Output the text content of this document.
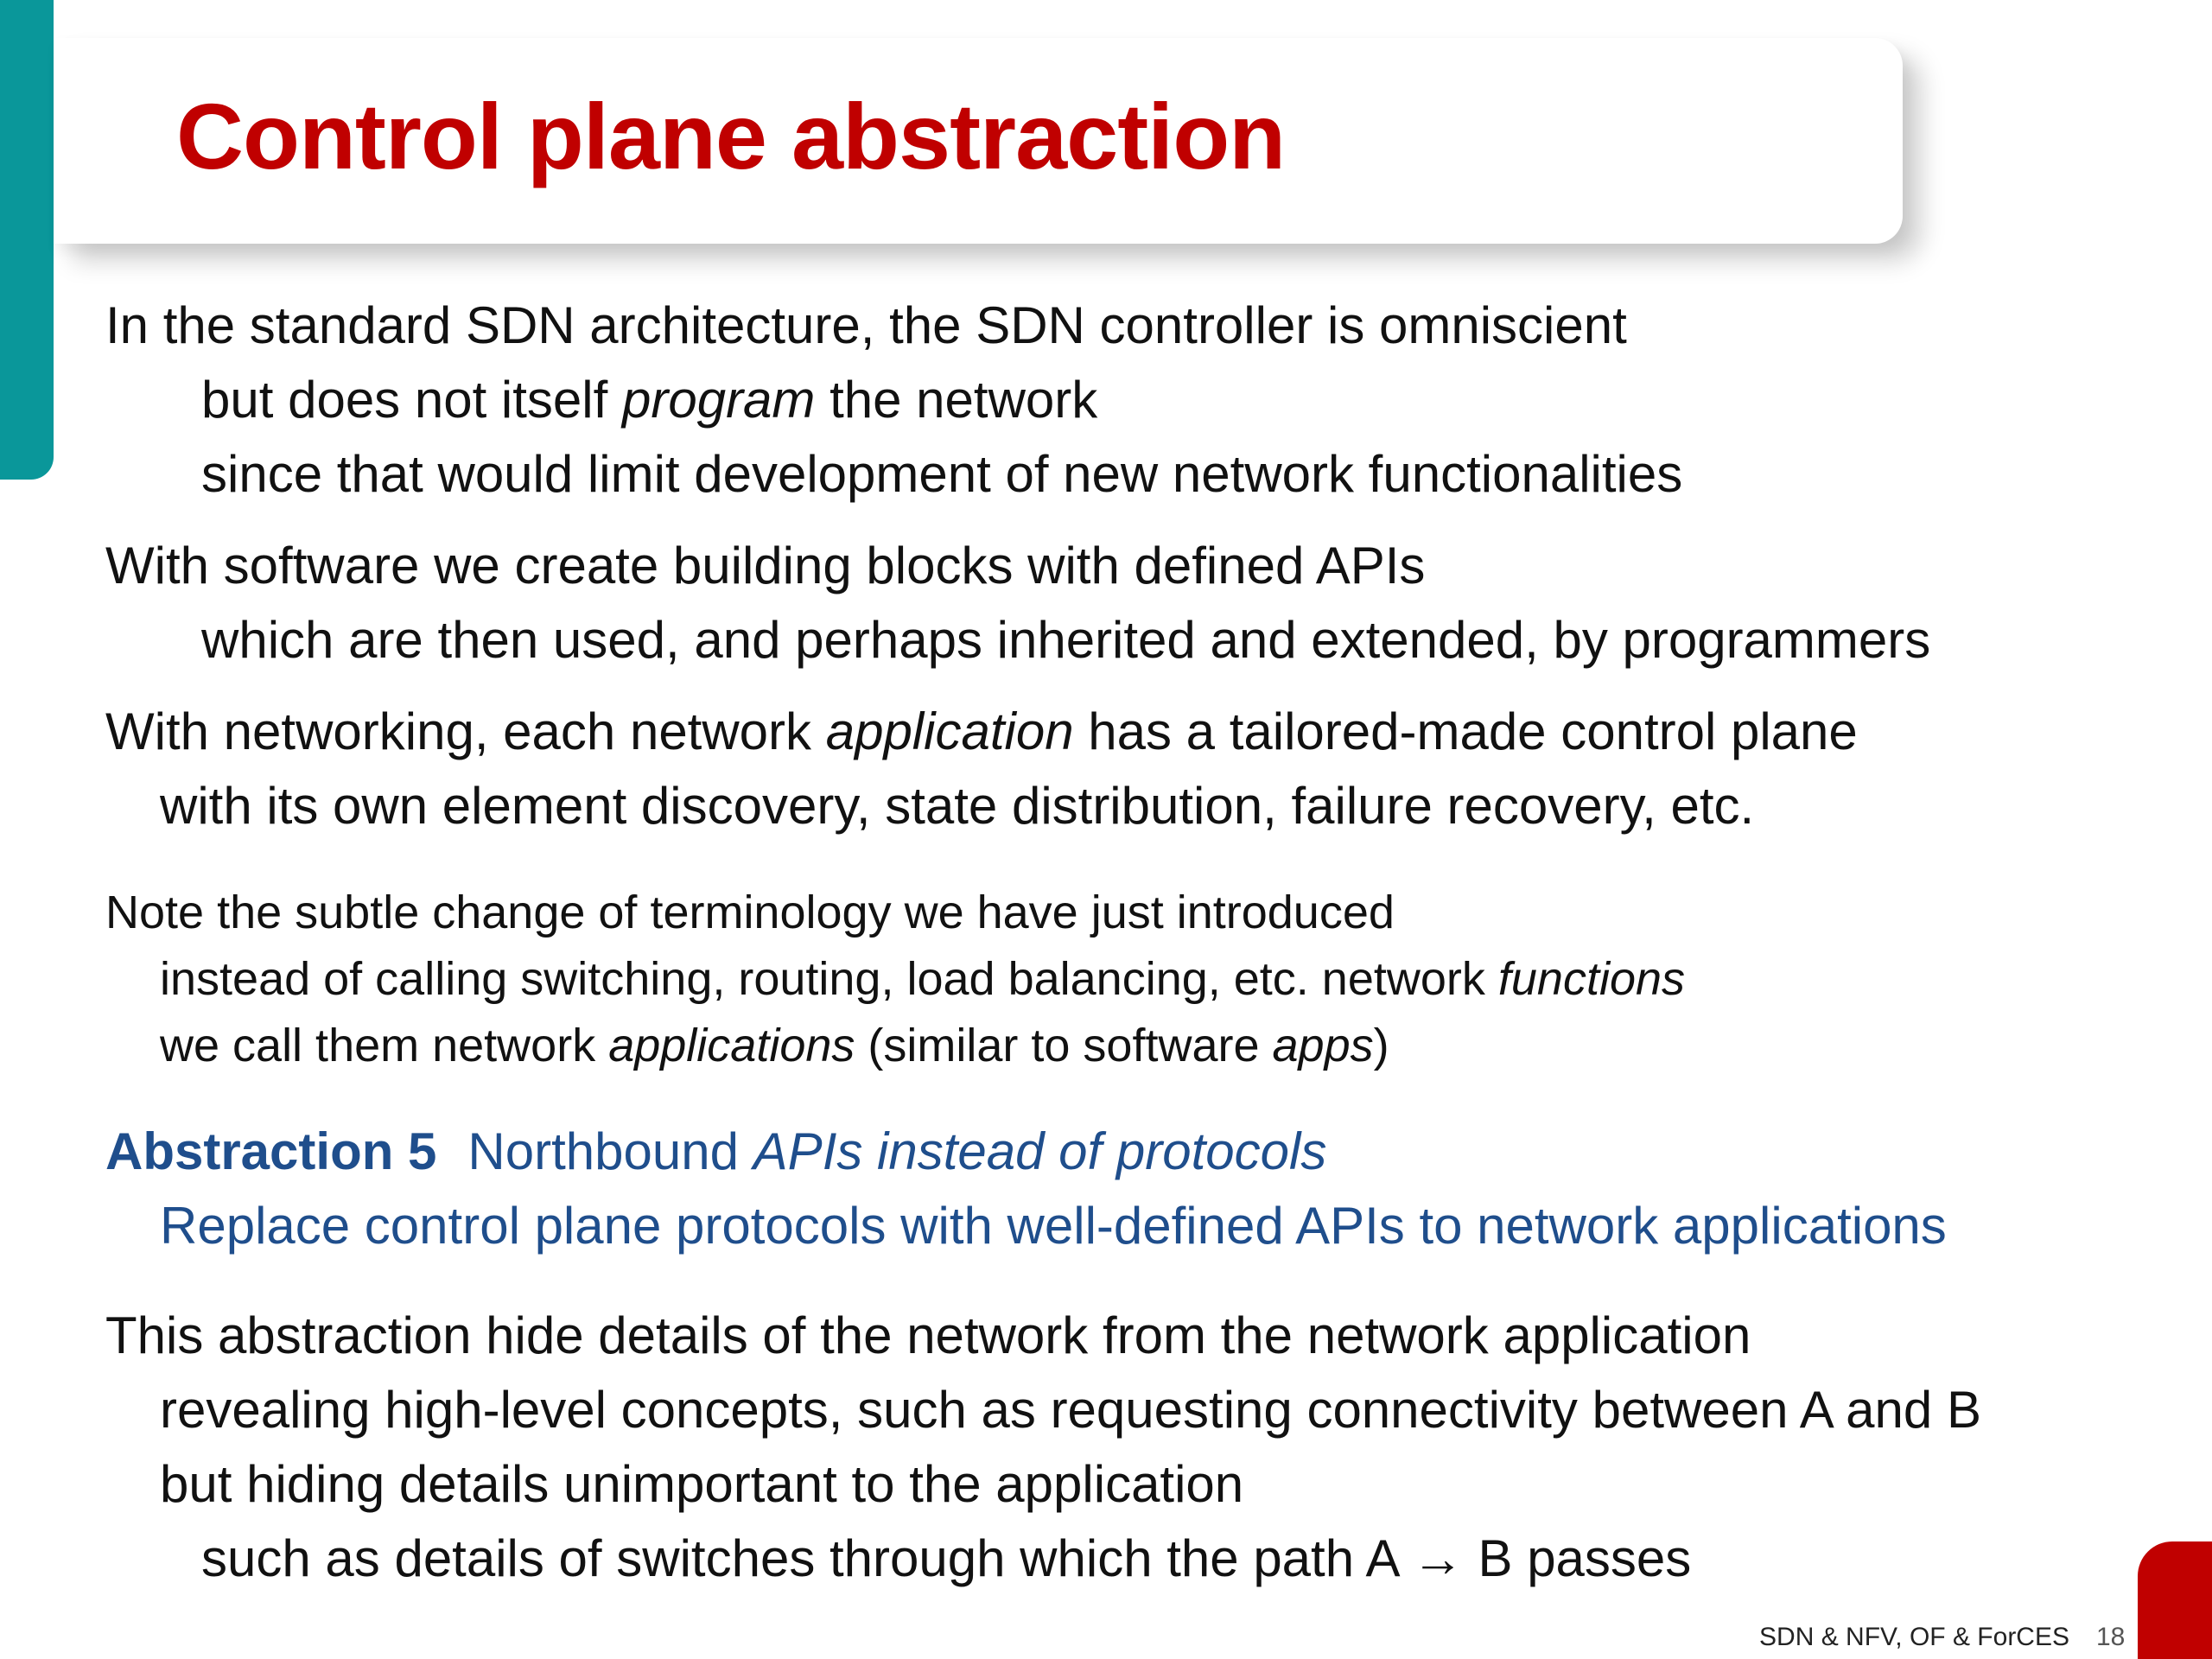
Control plane abstraction
In the standard SDN architecture, the SDN controller is omniscient
but does not itself program the network
since that would limit development of new network functionalities
With software we create building blocks with defined APIs
which are then used, and perhaps inherited and extended, by programmers
With networking, each network application has a tailored-made control plane
with its own element discovery, state distribution, failure recovery, etc.
Note the subtle change of terminology we have just introduced
instead of calling switching, routing, load balancing, etc. network functions
we call them network applications (similar to software apps)
Abstraction 5 Northbound APIs instead of protocols
Replace control plane protocols with well-defined APIs to network applications
This abstraction hide details of the network from the network application
revealing high-level concepts, such as requesting connectivity between A and B
but hiding details unimportant to the application
such as details of switches through which the path A → B passes
SDN & NFV, OF & ForCES 18
